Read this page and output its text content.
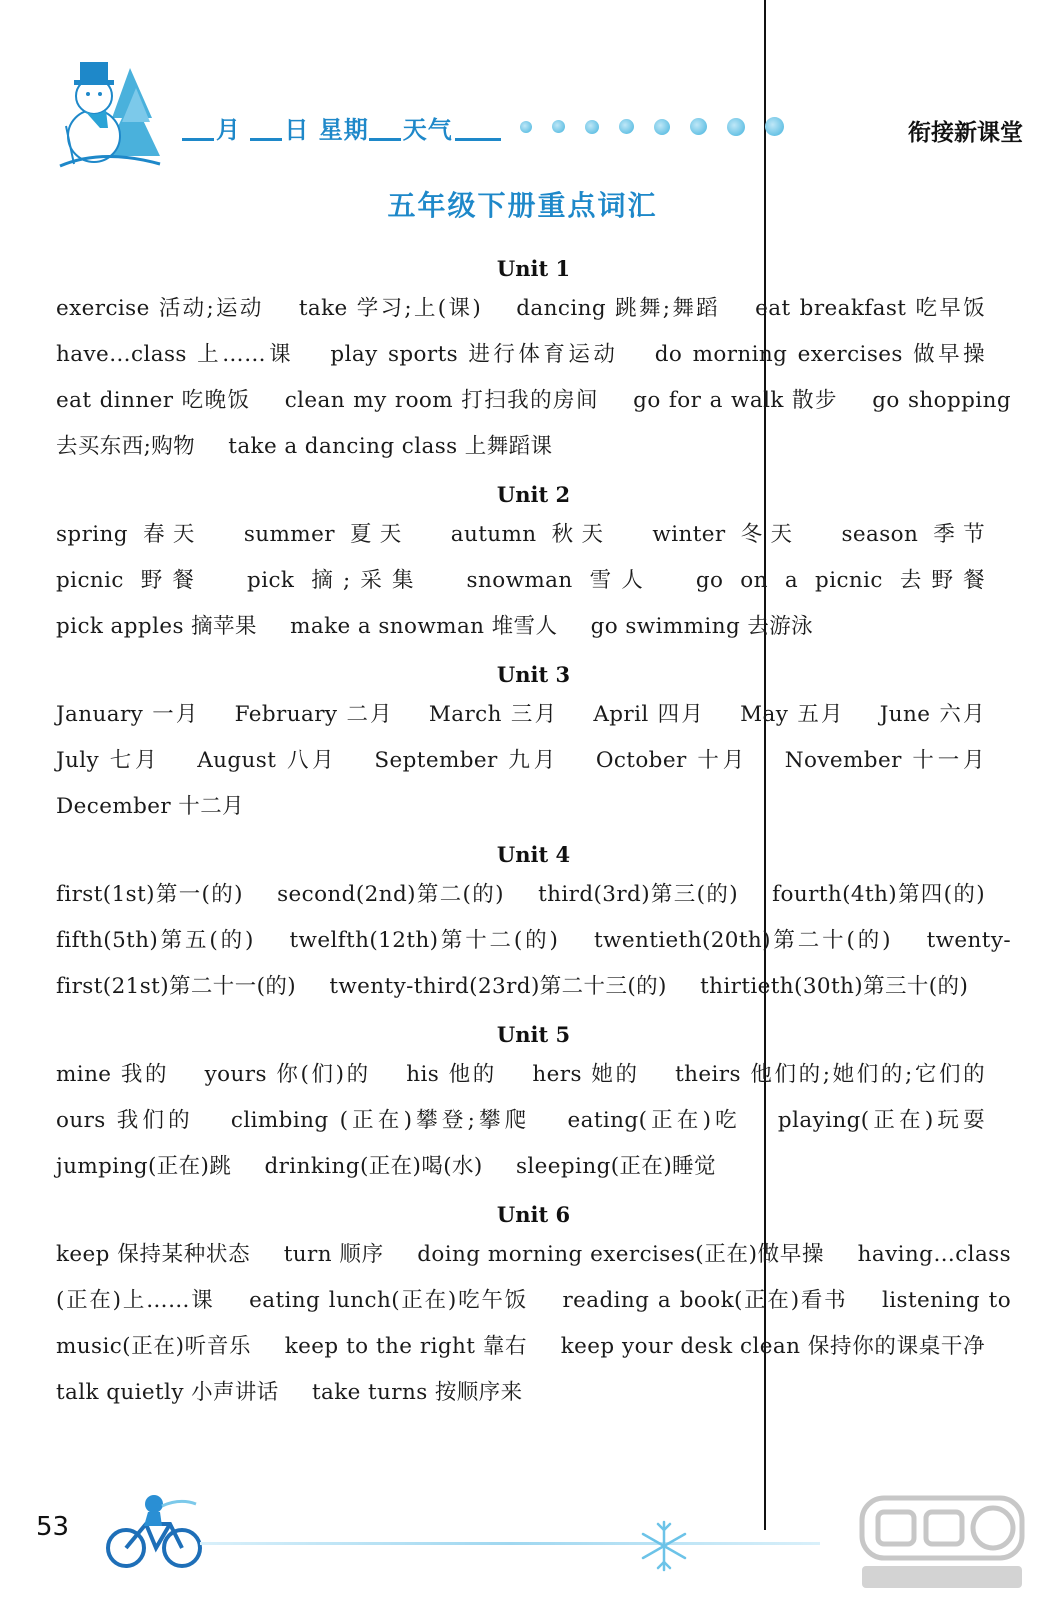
月 日 星期 天气	衔接新课堂
五年级下册重点词汇
Unit 1

exercise 活动;运动 take 学习;上(课) dancing 跳舞;舞蹈 eat breakfast 吃早饭 have…class 上……课 play sports 进行体育运动 do morning exercises 做早操 eat dinner 吃晚饭 clean my room 打扫我的房间 go for a walk 散步 go shopping 去买东西;购物 take a dancing class 上舞蹈课

Unit 2

spring 春天 summer 夏天 autumn 秋天 winter 冬天 season 季节 picnic 野餐 pick 摘;采集 snowman 雪人 go on a picnic 去野餐 pick apples 摘苹果 make a snowman 堆雪人 go swimming 去游泳

Unit 3

January 一月 February 二月 March 三月 April 四月 May 五月 June 六月 July 七月 August 八月 September 九月 October 十月 November 十一月 December 十二月

Unit 4

first(1st)第一(的) second(2nd)第二(的) third(3rd)第三(的) fourth(4th)第四(的) fifth(5th)第五(的) twelfth(12th)第十二(的) twentieth(20th)第二十(的) twenty-first(21st)第二十一(的) twenty-third(23rd)第二十三(的) thirtieth(30th)第三十(的)

Unit 5

mine 我的 yours 你(们)的 his 他的 hers 她的 theirs 他们的;她们的;它们的 ours 我们的 climbing (正在)攀登;攀爬 eating(正在)吃 playing(正在)玩耍 jumping(正在)跳 drinking(正在)喝(水) sleeping(正在)睡觉

Unit 6

keep 保持某种状态 turn 顺序 doing morning exercises(正在)做早操 having…class (正在)上……课 eating lunch(正在)吃午饭 reading a book(正在)看书 listening to music(正在)听音乐 keep to the right 靠右 keep your desk clean 保持你的课桌干净 talk quietly 小声讲话 take turns 按顺序来

53
